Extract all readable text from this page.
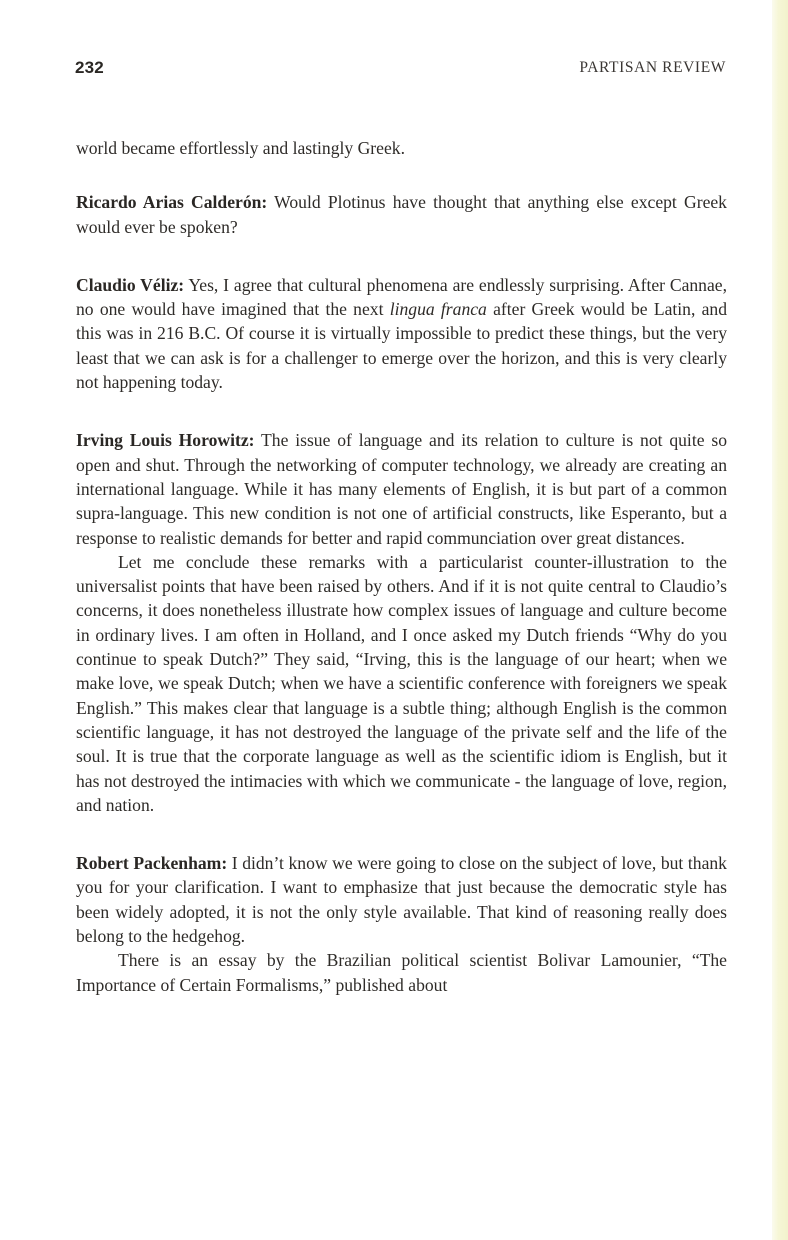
232	PARTISAN REVIEW

world became effortlessly and lastingly Greek.

Ricardo Arias Calderón: Would Plotinus have thought that anything else except Greek would ever be spoken?

Claudio Véliz: Yes, I agree that cultural phenomena are endlessly surprising. After Cannae, no one would have imagined that the next lingua franca after Greek would be Latin, and this was in 216 B.C. Of course it is virtually impossible to predict these things, but the very least that we can ask is for a challenger to emerge over the horizon, and this is very clearly not happening today.

Irving Louis Horowitz: The issue of language and its relation to culture is not quite so open and shut. Through the networking of computer technology, we already are creating an international language. While it has many elements of English, it is but part of a common supra-language. This new condition is not one of artificial constructs, like Esperanto, but a response to realistic demands for better and rapid communciation over great distances.

Let me conclude these remarks with a particularist counter-illustration to the universalist points that have been raised by others. And if it is not quite central to Claudio’s concerns, it does nonetheless illustrate how complex issues of language and culture become in ordinary lives. I am often in Holland, and I once asked my Dutch friends “Why do you continue to speak Dutch?” They said, “Irving, this is the language of our heart; when we make love, we speak Dutch; when we have a scientific conference with foreigners we speak English.” This makes clear that language is a subtle thing; although English is the common scientific language, it has not destroyed the language of the private self and the life of the soul. It is true that the corporate language as well as the scientific idiom is English, but it has not destroyed the intimacies with which we communicate - the language of love, region, and nation.

Robert Packenham: I didn’t know we were going to close on the subject of love, but thank you for your clarification. I want to emphasize that just because the democratic style has been widely adopted, it is not the only style available. That kind of reasoning really does belong to the hedgehog.

There is an essay by the Brazilian political scientist Bolivar Lamounier, “The Importance of Certain Formalisms,” published about
